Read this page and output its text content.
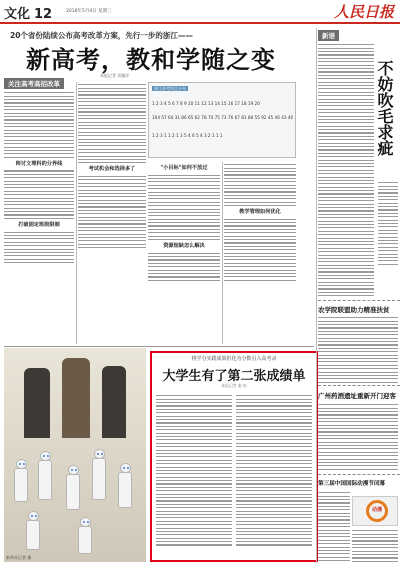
文化 12	2016年5月4日 星期三	人民日报
20个省份陆续公布高考改革方案，先行一步的浙江——
新高考，教和学随之变
本报记者 窦瀚洋
关注高考高招改革
师讨文理科的分界线
打破固定班级限制
考试机会和选择多了
浙江选考科目分布
1 2 3 4 5 6 7 8 9 10 11 12 13 14 15 16 17 18 19 20
104 57 64 31 86 65 62 78 70 75 73 76 67 81 88 55 92 45 46 43 40
1 2 3 1 1 2 1 3 5 4 6 5 4 3 2 1 1 1
"小目标"如何不放过
资源短缺怎么解决
教学管理如何优化
新华社记者 摄
将学分实践成果折化为分数引入高考录
大学生有了第二张成绩单
本报记者 秦 姣
新语
不妨吹毛求疵
农学院联盟助力精准扶贫
广州药酒遗址重新开门迎客
第三届中国国际动漫节闭幕
动漫
